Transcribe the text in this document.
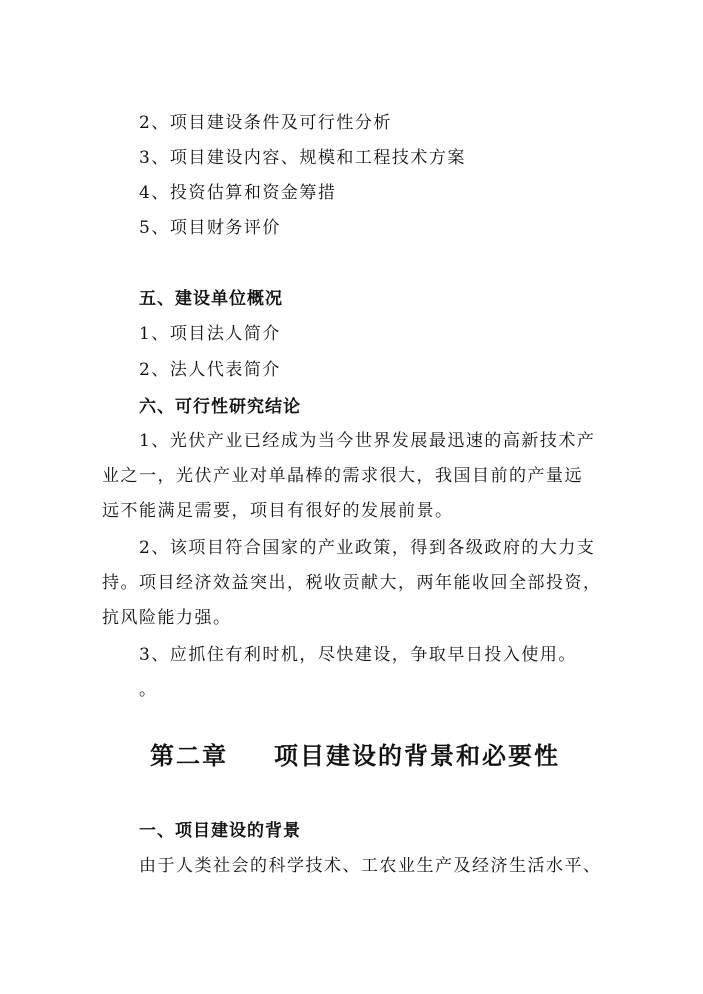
2、项目建设条件及可行性分析
3、项目建设内容、规模和工程技术方案
4、投资估算和资金筹措
5、项目财务评价
五、建设单位概况
1、项目法人简介
2、法人代表简介
六、可行性研究结论
1、光伏产业已经成为当今世界发展最迅速的高新技术产
业之一，光伏产业对单晶棒的需求很大，我国目前的产量远
远不能满足需要，项目有很好的发展前景。
2、该项目符合国家的产业政策，得到各级政府的大力支
持。项目经济效益突出，税收贡献大，两年能收回全部投资，
抗风险能力强。
3、应抓住有利时机，尽快建设，争取早日投入使用。
。
第二章 项目建设的背景和必要性
一、项目建设的背景
由于人类社会的科学技术、工农业生产及经济生活水平、
